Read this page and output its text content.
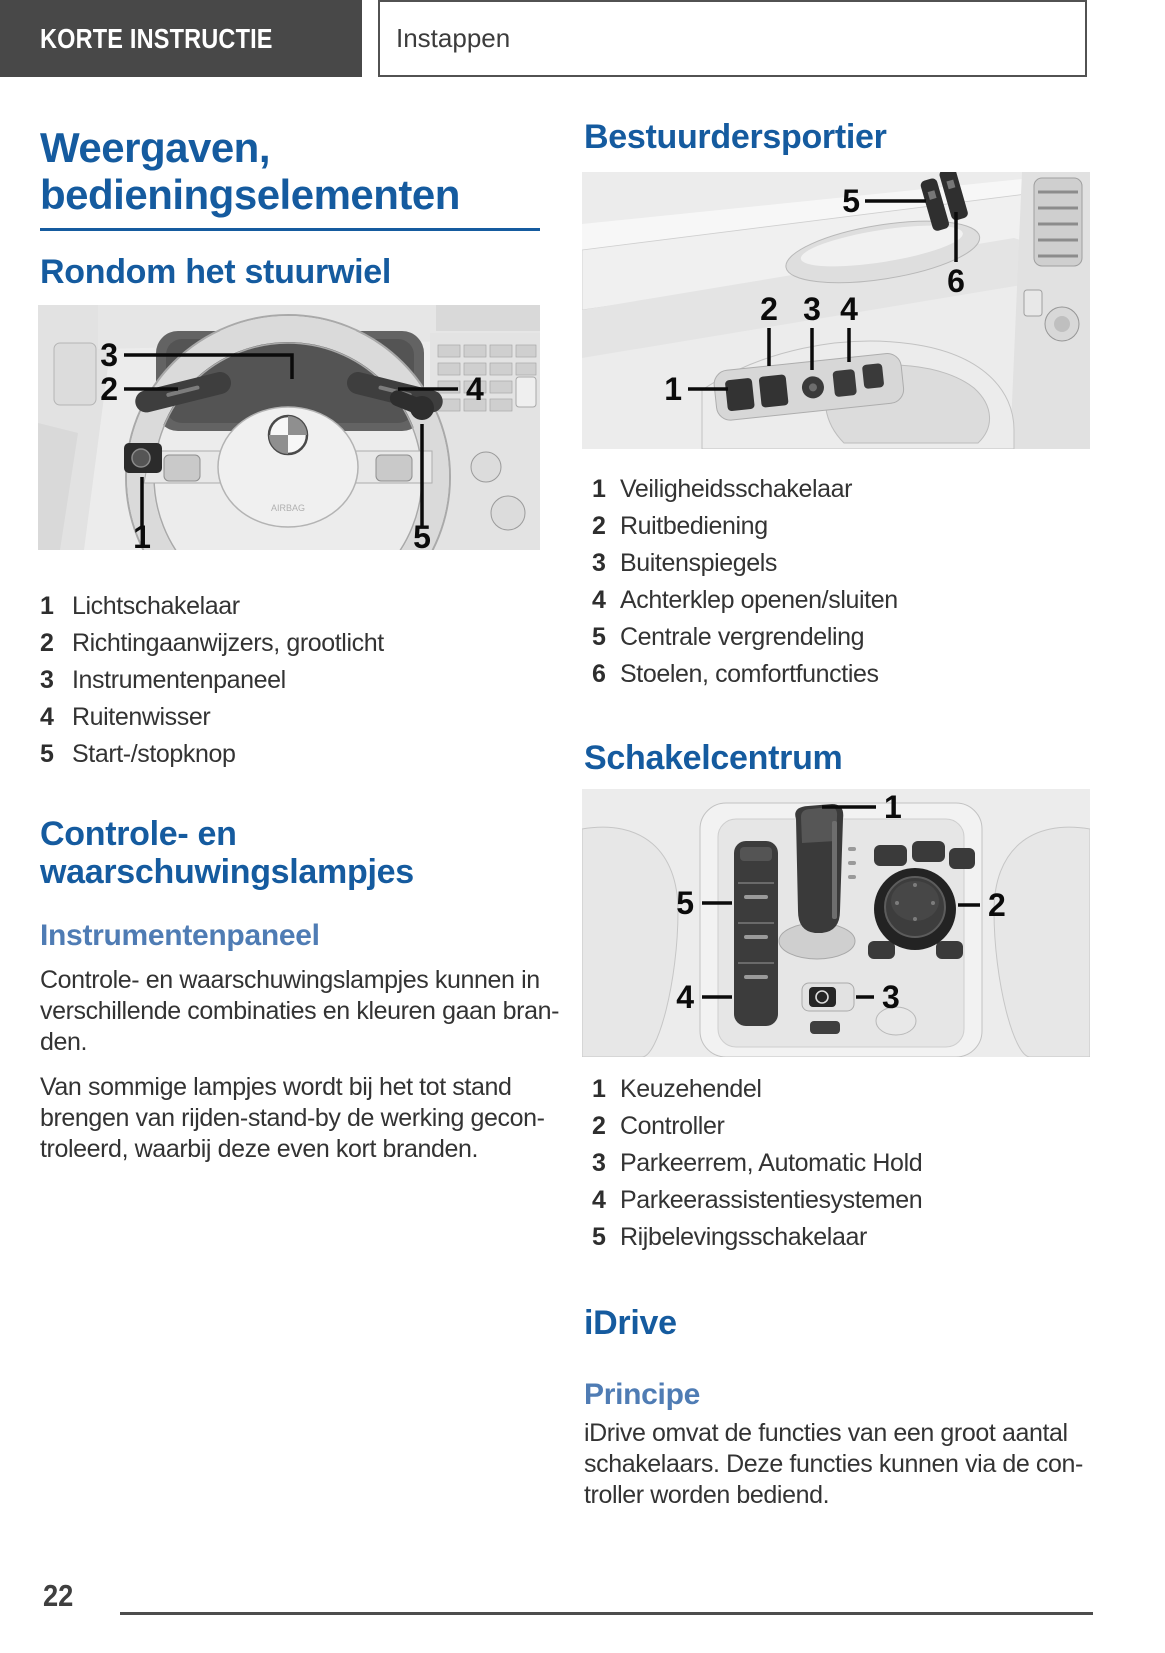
KORTE INSTRUCTIE	Instappen
Weergaven, bedieningselementen
Rondom het stuurwiel
AIRBAG
3
2
1
4
5
1 Lichtschakelaar
2 Richtingaanwijzers, grootlicht
3 Instrumentenpaneel
4 Ruitenwisser
5 Start-/stopknop
Controle- en waarschuwingslampjes
Instrumentenpaneel
Controle- en waarschuwingslampjes kunnen in
verschillende combinaties en kleuren gaan bran-
den.
Van sommige lampjes wordt bij het tot stand
brengen van rijden-stand-by de werking gecon-
troleerd, waarbij deze even kort branden.
Bestuurdersportier
5
6
2 3 4
1
1 Veiligheidsschakelaar
2 Ruitbediening
3 Buitenspiegels
4 Achterklep openen/sluiten
5 Centrale vergrendeling
6 Stoelen, comfortfuncties
Schakelcentrum
1
2
3
4
5
1 Keuzehendel
2 Controller
3 Parkeerrem, Automatic Hold
4 Parkeerassistentiesystemen
5 Rijbelevingsschakelaar
iDrive
Principe
iDrive omvat de functies van een groot aantal
schakelaars. Deze functies kunnen via de con-
troller worden bediend.
22
